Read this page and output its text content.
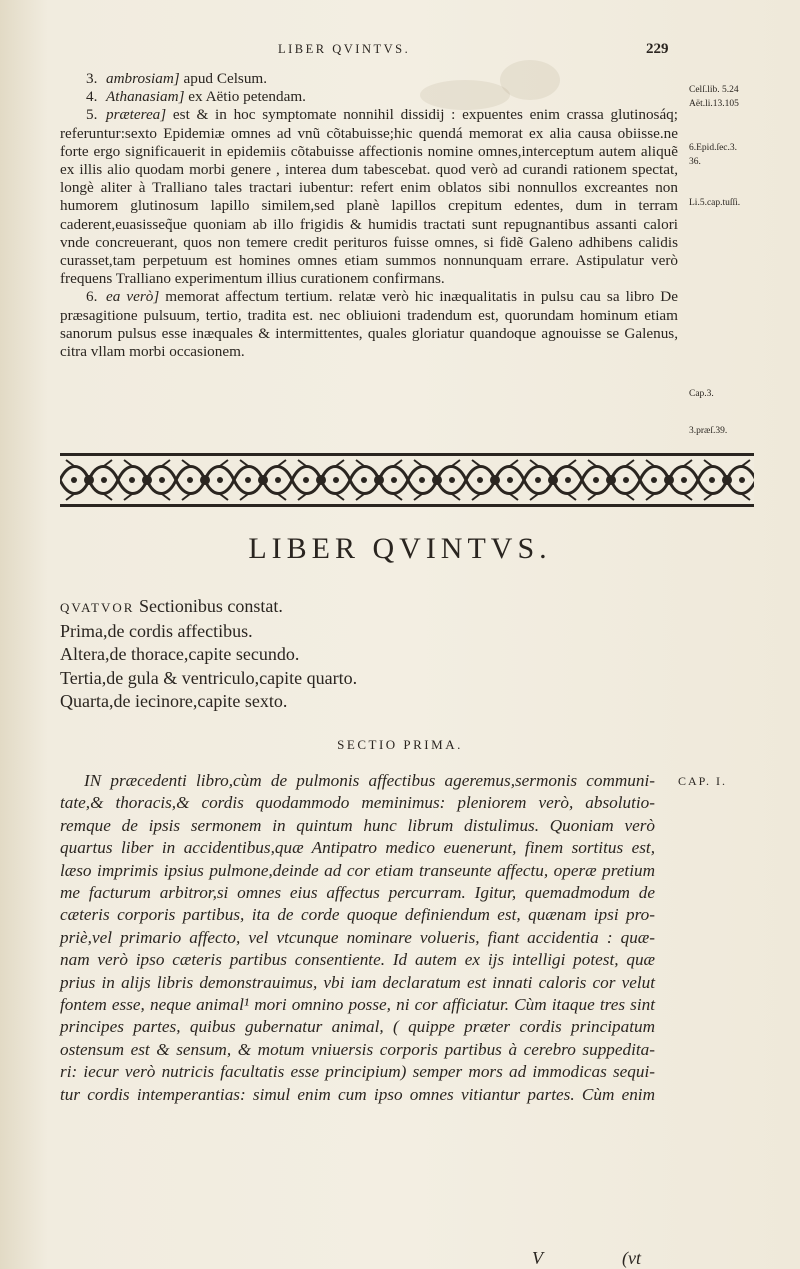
LIBER QVINTVS.	229

3. ambrosiam] apud Celsum.

4. Athanasiam] ex Aëtio petendam.

5. præterea] est & in hoc symptomate nonnihil dissidij : expuentes enim crassa glutinosáq; referuntur:sexto Epidemiæ omnes ad vnũ cõtabuisse;hic quendá memorat ex alia causa obiisse.ne forte ergo significauerit in epidemiis cõtabuisse affectionis nomine omnes,interceptum autem aliquẽ ex illis alio quodam morbi genere , interea dum tabescebat. quod verò ad curandi rationem spectat, longè aliter à Tralliano tales tractari iubentur: refert enim oblatos sibi nonnullos excreantes non humorem glutinosum lapillo similem,sed planè lapillos crepitum edentes, dum in terram caderent,euasisseq̃ue quoniam ab illo frigidis & humidis tractati sunt repugnantibus assanti calori vnde concreuerant, quos non temere credit perituros fuisse omnes, si fidẽ Galeno adhibens calidis curasset,tam perpetuum est homines omnes etiam summos nonnunquam errare. Astipulatur verò frequens Tralliano experimentum illius curationem confirmans.

6. ea verò] memorat affectum tertium. relatæ verò hic inæqualitatis in pulsu cau sa libro De præsagitione pulsuum, tertio, tradita est. nec obliuioni tradendum est, quorundam hominum etiam sanorum pulsus esse inæquales & intermittentes, quales gloriatur quandoque agnouisse se Galenus, citra vllam morbi occasionem.

Celſ.lib. 5.24
Aët.li.13.105
6.Epid.ſec.3.
36.
Li.5.cap.tuſſi.
Cap.3.
3.præſ.39.
LIBER QVINTVS.
QVATVOR Sectionibus constat.
Prima,de cordis affectibus.
Altera,de thorace,capite secundo.
Tertia,de gula & ventriculo,capite quarto.
Quarta,de iecinore,capite sexto.
SECTIO PRIMA.
CAP. I.
IN præcedenti libro,cùm de pulmonis affectibus ageremus,sermonis communi-
tate,& thoracis,& cordis quodammodo meminimus: pleniorem verò, absolutio-
remque de ipsis sermonem in quintum hunc librum distulimus. Quoniam verò
quartus liber in accidentibus,quæ Antipatro medico euenerunt, finem sortitus est,
læso imprimis ipsius pulmone,deinde ad cor etiam transeunte affectu, operæ pretium
me facturum arbitror,si omnes eius affectus percurram. Igitur, quemadmodum de
cæteris corporis partibus, ita de corde quoque definiendum est, quænam ipsi pro-
priè,vel primario affecto, vel vtcunque nominare volueris, fiant accidentia : quæ-
nam verò ipso cæteris partibus consentiente. Id autem ex ijs intelligi potest, quæ
prius in alijs libris demonstrauimus, vbi iam declaratum est innati caloris cor velut
fontem esse, neque animal¹ mori omnino posse, ni cor afficiatur. Cùm itaque tres sint
principes partes, quibus gubernatur animal, ( quippe præter cordis principatum
ostensum est & sensum, & motum vniuersis corporis partibus à cerebro suppedita-
ri: iecur verò nutricis facultatis esse principium) semper mors ad immodicas sequi-
tur cordis intemperantias: simul enim cum ipso omnes vitiantur partes. Cùm enim
V	(vt
